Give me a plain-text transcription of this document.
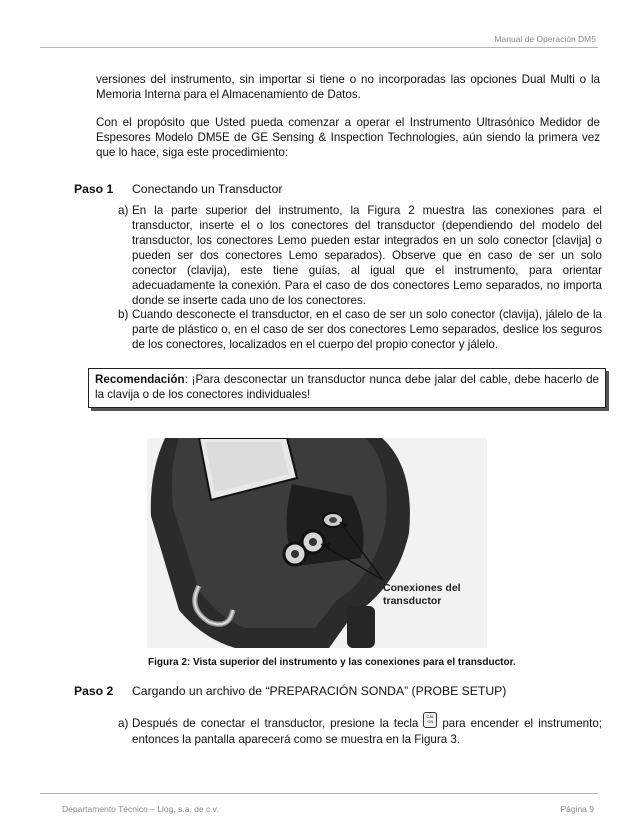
Manual de Operación DM5
versiones del instrumento, sin importar si tiene o no incorporadas las opciones Dual Multi o la Memoria Interna para el Almacenamiento de Datos.
Con el propósito que Usted pueda comenzar a operar el Instrumento Ultrasónico Medidor de Espesores Modelo DM5E de GE Sensing & Inspection Technologies, aún siendo la primera vez que lo hace, siga este procedimiento:
Paso 1 Conectando un Transductor
a) En la parte superior del instrumento, la Figura 2 muestra las conexiones para el transductor, inserte el o los conectores del transductor (dependiendo del modelo del transductor, los conectores Lemo pueden estar integrados en un solo conector [clavija] o pueden ser dos conectores Lemo separados). Observe que en caso de ser un solo conector (clavija), este tiene guías, al igual que el instrumento, para orientar adecuadamente la conexión. Para el caso de dos conectores Lemo separados, no importa donde se inserte cada uno de los conectores.
b) Cuando desconecte el transductor, en el caso de ser un solo conector (clavija), jálelo de la parte de plástico o, en el caso de ser dos conectores Lemo separados, deslice los seguros de los conectores, localizados en el cuerpo del propio conector y jálelo.
Recomendación: ¡Para desconectar un transductor nunca debe jalar del cable, debe hacerlo de la clavija o de los conectores individuales!
Conexiones del
transductor
Figura 2: Vista superior del instrumento y las conexiones para el transductor.
Paso 2 Cargando un archivo de “PREPARACIÓN SONDA” (PROBE SETUP)
a) Después de conectar el transductor, presione la tecla
CAL
ON para encender el instrumento; entonces la pantalla aparecerá como se muestra en la Figura 3.
Departamento Técnico – Llog, s.a. de c.v.	Página 9
